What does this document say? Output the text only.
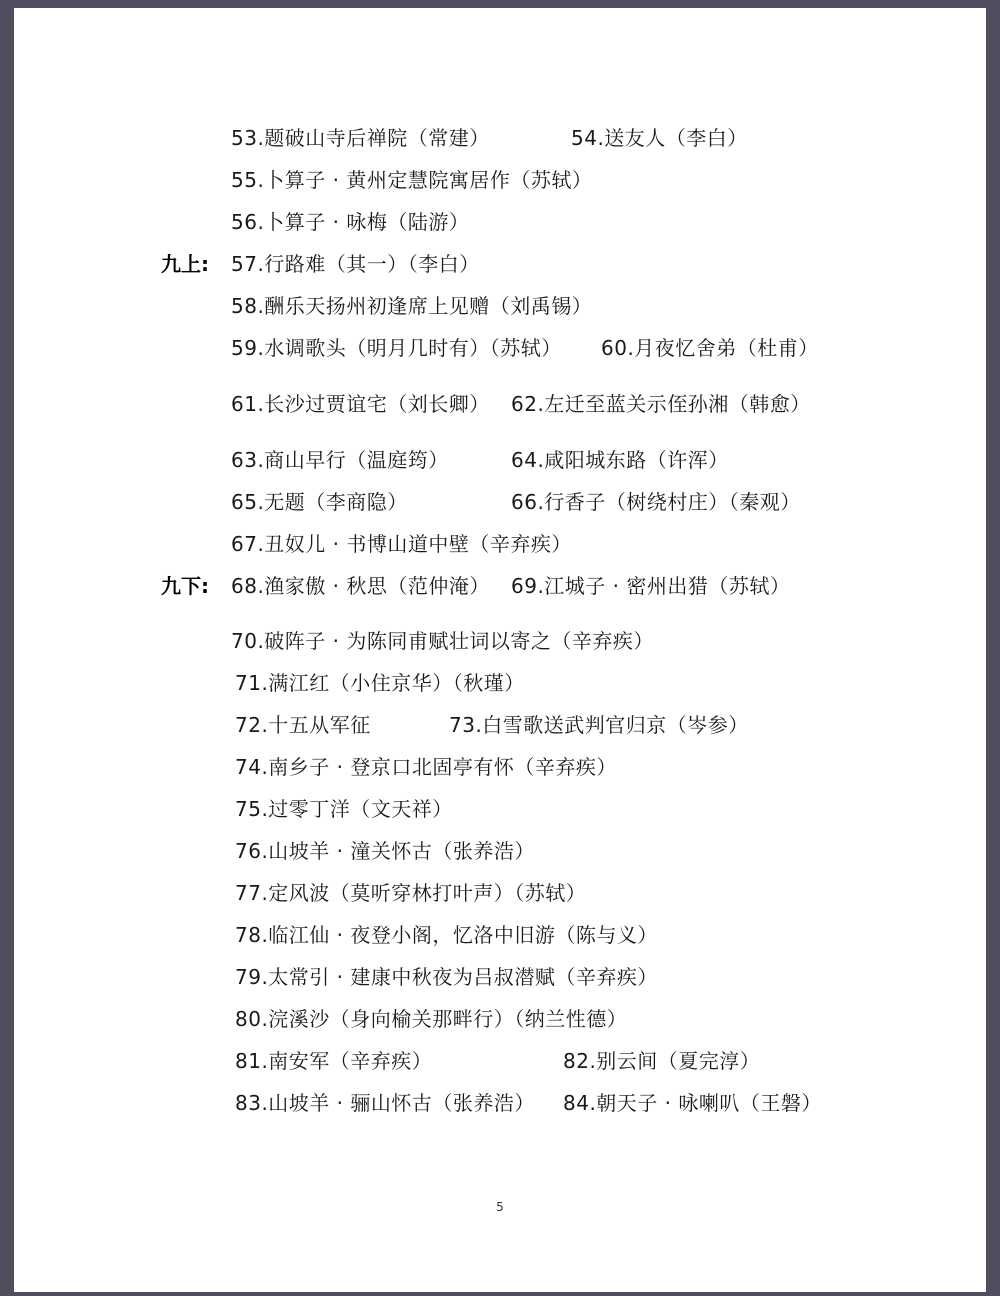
53.题破山寺后禅院（常建）	54.送友人（李白）
55.卜算子 · 黄州定慧院寓居作（苏轼）
56.卜算子 · 咏梅（陆游）
九上: 57.行路难（其一）（李白）
58.酬乐天扬州初逢席上见赠（刘禹锡）
59.水调歌头（明月几时有）（苏轼） 60.月夜忆舍弟（杜甫）
61.长沙过贾谊宅（刘长卿） 62.左迁至蓝关示侄孙湘（韩愈）
63.商山早行（温庭筠）	64.咸阳城东路（许浑）
65.无题（李商隐）	66.行香子（树绕村庄）（秦观）
67.丑奴儿 · 书博山道中壁（辛弃疾）
九下: 68.渔家傲 · 秋思（范仲淹） 69.江城子 · 密州出猎（苏轼）
70.破阵子 · 为陈同甫赋壮词以寄之（辛弃疾）
71.满江红（小住京华）（秋瑾）
72.十五从军征	73.白雪歌送武判官归京（岑参）
74.南乡子 · 登京口北固亭有怀（辛弃疾）
75.过零丁洋（文天祥）
76.山坡羊 · 潼关怀古（张养浩）
77.定风波（莫听穿林打叶声）（苏轼）
78.临江仙 · 夜登小阁，忆洛中旧游（陈与义）
79.太常引 · 建康中秋夜为吕叔潜赋（辛弃疾）
80.浣溪沙（身向榆关那畔行）（纳兰性德）
81.南安军（辛弃疾）	82.别云间（夏完淳）
83.山坡羊 · 骊山怀古（张养浩） 84.朝天子 · 咏喇叭（王磐）
5
